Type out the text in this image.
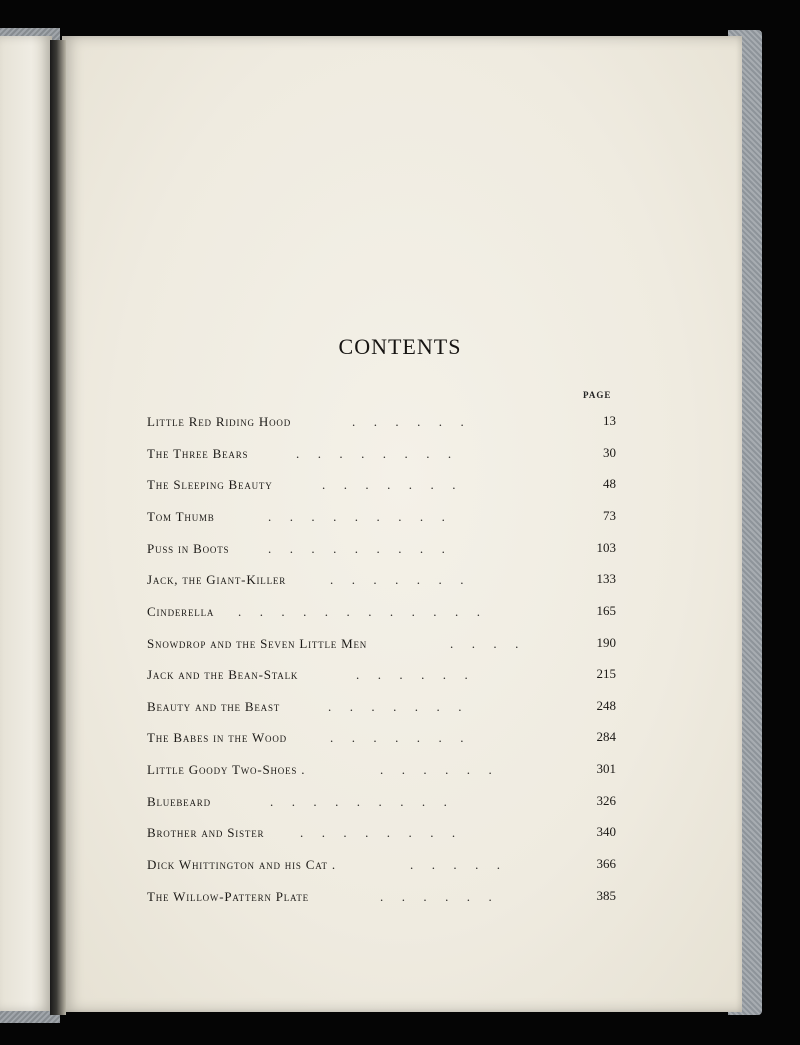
CONTENTS
PAGE
Little Red Riding Hood	. . . . . .	13
The Three Bears	. . . . . . . .	30
The Sleeping Beauty	. . . . . . .	48
Tom Thumb	. . . . . . . . .	73
Puss in Boots	. . . . . . . . .	103
Jack, the Giant-Killer	. . . . . . .	133
Cinderella . . . . . . . . . . . .	165
Snowdrop and the Seven Little Men	. . . .	190
Jack and the Bean-Stalk	. . . . . .	215
Beauty and the Beast	. . . . . . .	248
The Babes in the Wood	. . . . . . .	284
Little Goody Two-Shoes .	. . . . . .	301
Bluebeard	. . . . . . . . .	326
Brother and Sister	. . . . . . . .	340
Dick Whittington and his Cat .	. . . . .	366
The Willow-Pattern Plate	. . . . . .	385
